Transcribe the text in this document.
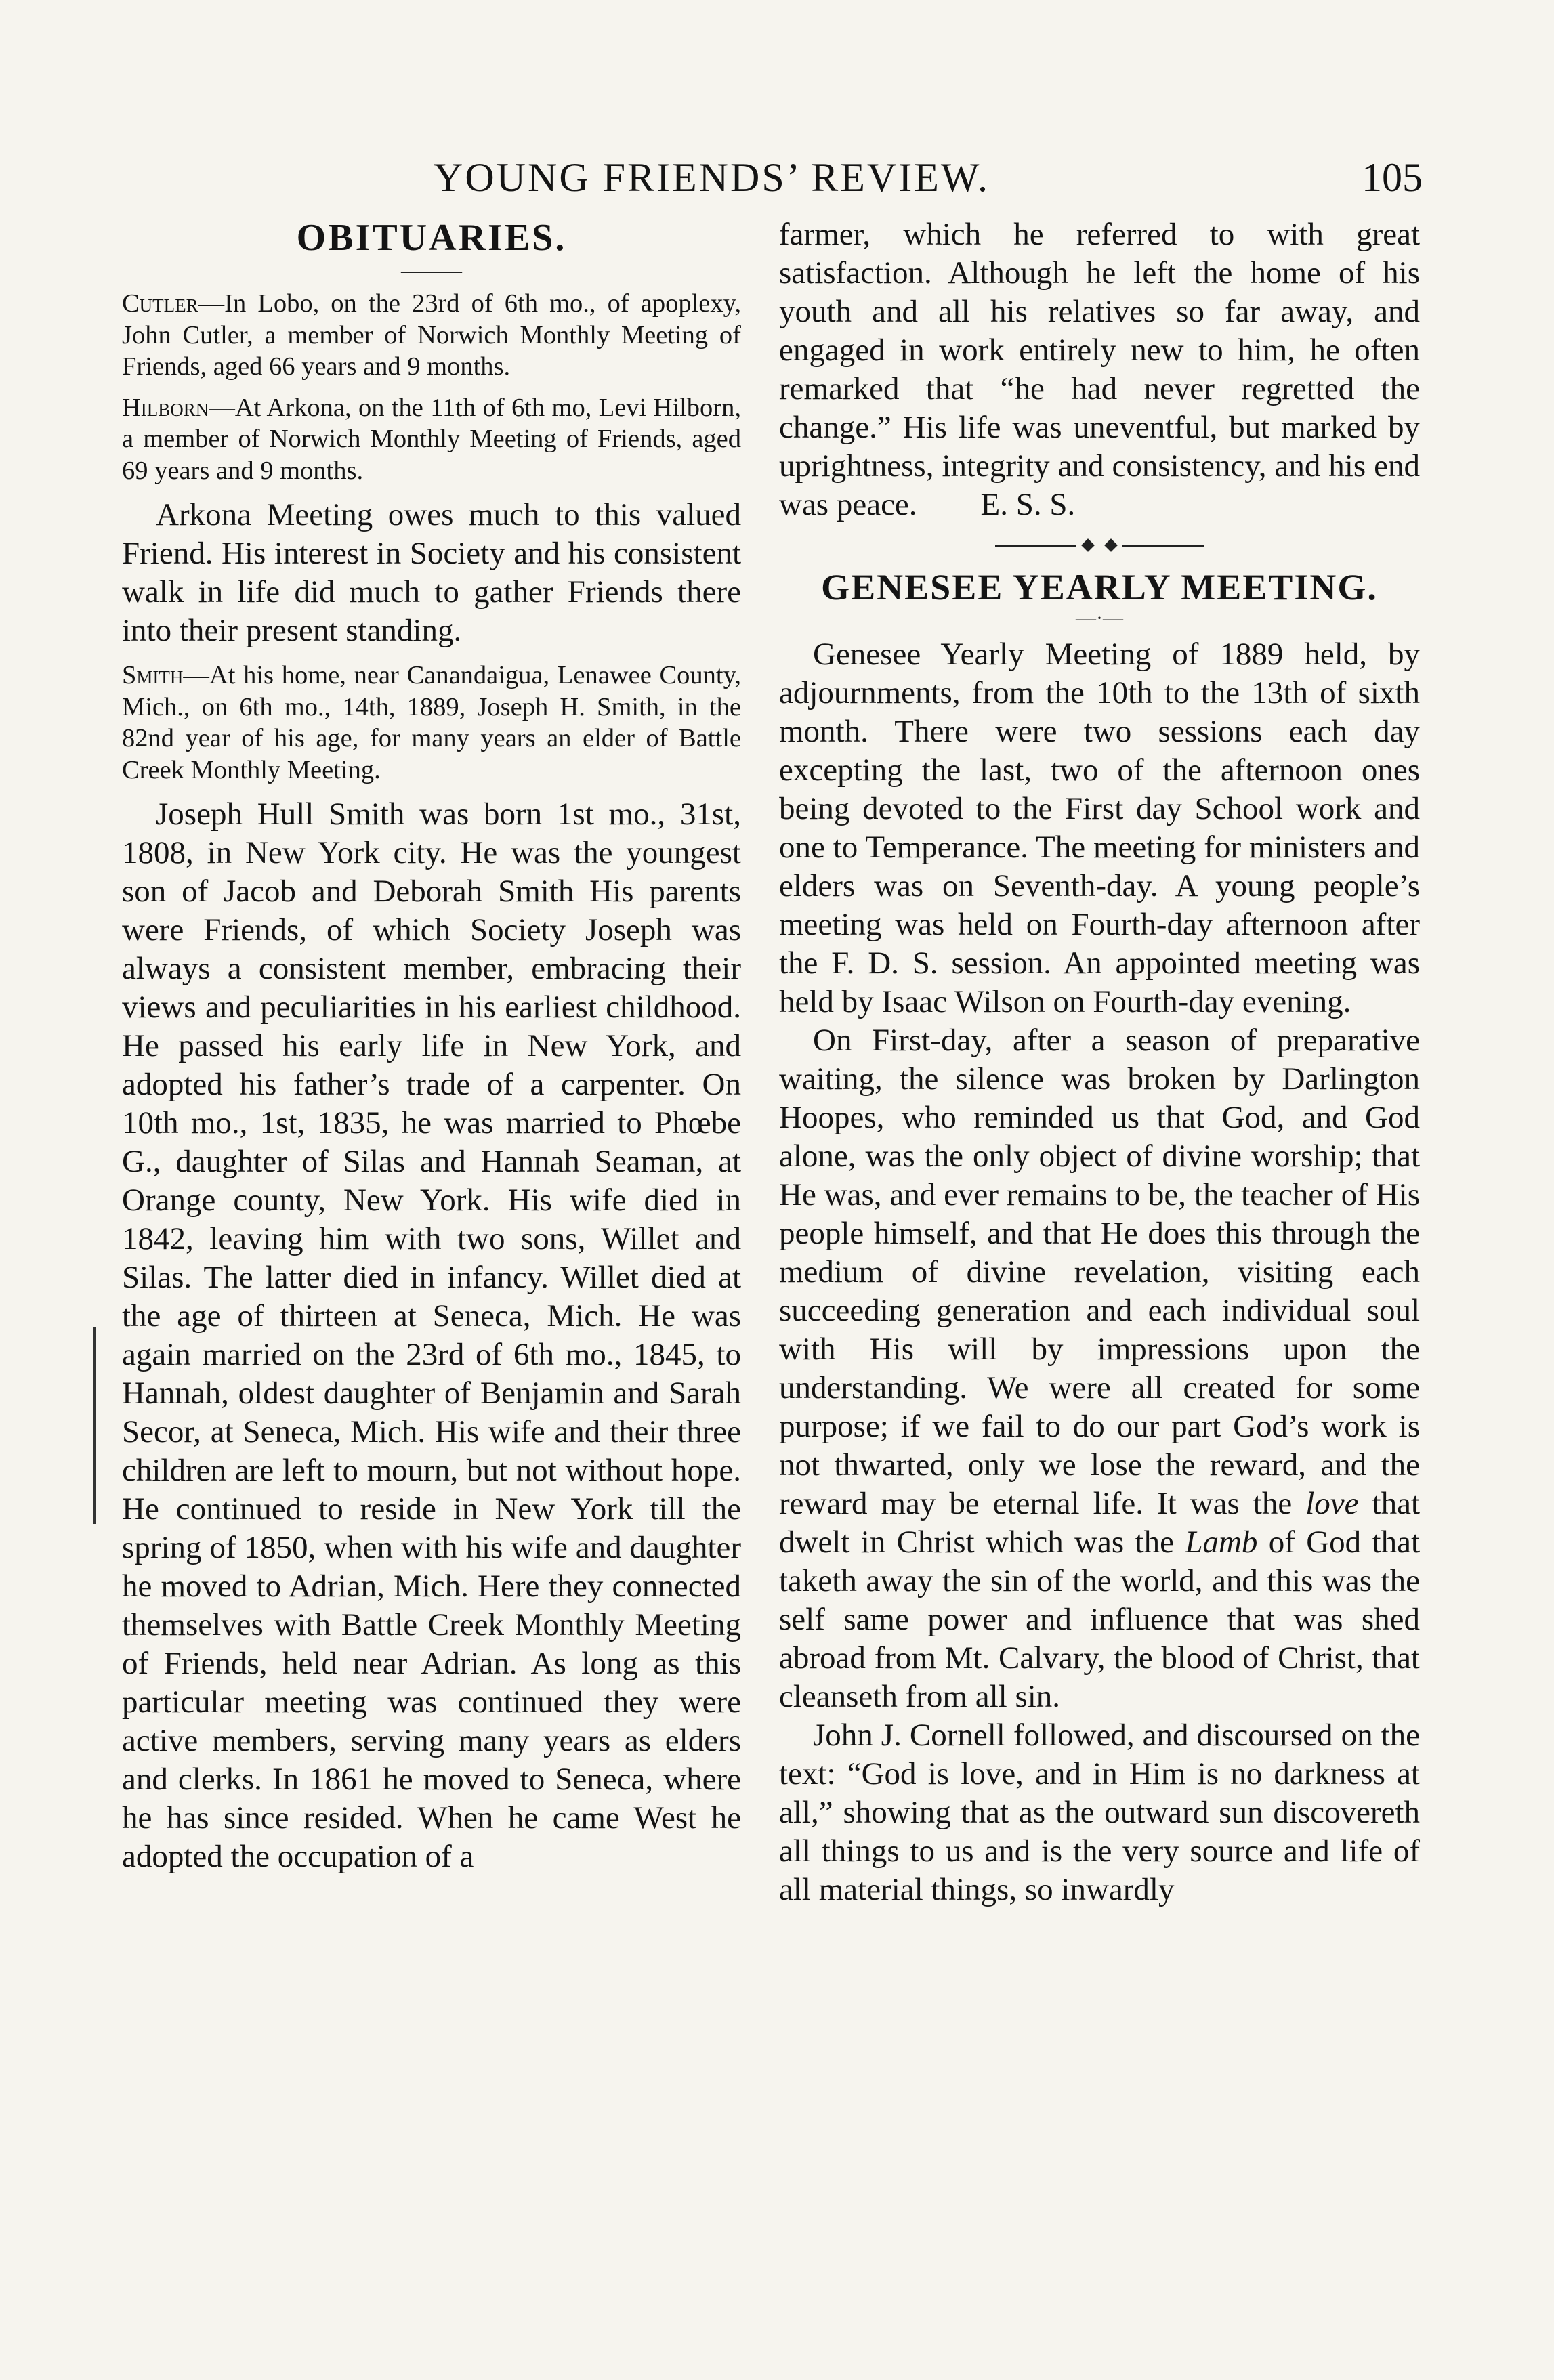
YOUNG FRIENDS’ REVIEW.	105
OBITUARIES.
———

Cutler—In Lobo, on the 23rd of 6th mo., of apoplexy, John Cutler, a member of Norwich Monthly Meeting of Friends, aged 66 years and 9 months.

Hilborn—At Arkona, on the 11th of 6th mo, Levi Hilborn, a member of Norwich Monthly Meeting of Friends, aged 69 years and 9 months.

Arkona Meeting owes much to this valued Friend. His interest in Society and his consistent walk in life did much to gather Friends there into their present standing.

Smith—At his home, near Canandaigua, Lenawee County, Mich., on 6th mo., 14th, 1889, Joseph H. Smith, in the 82nd year of his age, for many years an elder of Battle Creek Monthly Meeting.

Joseph Hull Smith was born 1st mo., 31st, 1808, in New York city. He was the youngest son of Jacob and Deborah Smith His parents were Friends, of which Society Joseph was always a consistent member, embracing their views and peculiarities in his earliest childhood. He passed his early life in New York, and adopted his father’s trade of a carpenter. On 10th mo., 1st, 1835, he was married to Phœbe G., daughter of Silas and Hannah Seaman, at Orange county, New York. His wife died in 1842, leaving him with two sons, Willet and Silas. The latter died in infancy. Willet died at the age of thirteen at Seneca, Mich. He was again married on the 23rd of 6th mo., 1845, to Hannah, oldest daughter of Benjamin and Sarah Secor, at Seneca, Mich. His wife and their three children are left to mourn, but not without hope. He continued to reside in New York till the spring of 1850, when with his wife and daughter he moved to Adrian, Mich. Here they connected themselves with Battle Creek Monthly Meeting of Friends, held near Adrian. As long as this particular meeting was continued they were active members, serving many years as elders and clerks. In 1861 he moved to Seneca, where he has since resided. When he came West he adopted the occupation of a

farmer, which he referred to with great satisfaction. Although he left the home of his youth and all his relatives so far away, and engaged in work entirely new to him, he often remarked that “he had never regretted the change.” His life was uneventful, but marked by uprightness, integrity and consistency, and his end was peace.   E. S. S.

GENESEE YEARLY MEETING.
—·—

Genesee Yearly Meeting of 1889 held, by adjournments, from the 10th to the 13th of sixth month. There were two sessions each day excepting the last, two of the afternoon ones being devoted to the First day School work and one to Temperance. The meeting for ministers and elders was on Seventh-day. A young people’s meeting was held on Fourth-day afternoon after the F. D. S. session. An appointed meeting was held by Isaac Wilson on Fourth-day evening.

On First-day, after a season of preparative waiting, the silence was broken by Darlington Hoopes, who reminded us that God, and God alone, was the only object of divine worship; that He was, and ever remains to be, the teacher of His people himself, and that He does this through the medium of divine revelation, visiting each succeeding generation and each individual soul with His will by impressions upon the understanding. We were all created for some purpose; if we fail to do our part God’s work is not thwarted, only we lose the reward, and the reward may be eternal life. It was the love that dwelt in Christ which was the Lamb of God that taketh away the sin of the world, and this was the self same power and influence that was shed abroad from Mt. Calvary, the blood of Christ, that cleanseth from all sin.

John J. Cornell followed, and discoursed on the text: “God is love, and in Him is no darkness at all,” showing that as the outward sun discovereth all things to us and is the very source and life of all material things, so inwardly
